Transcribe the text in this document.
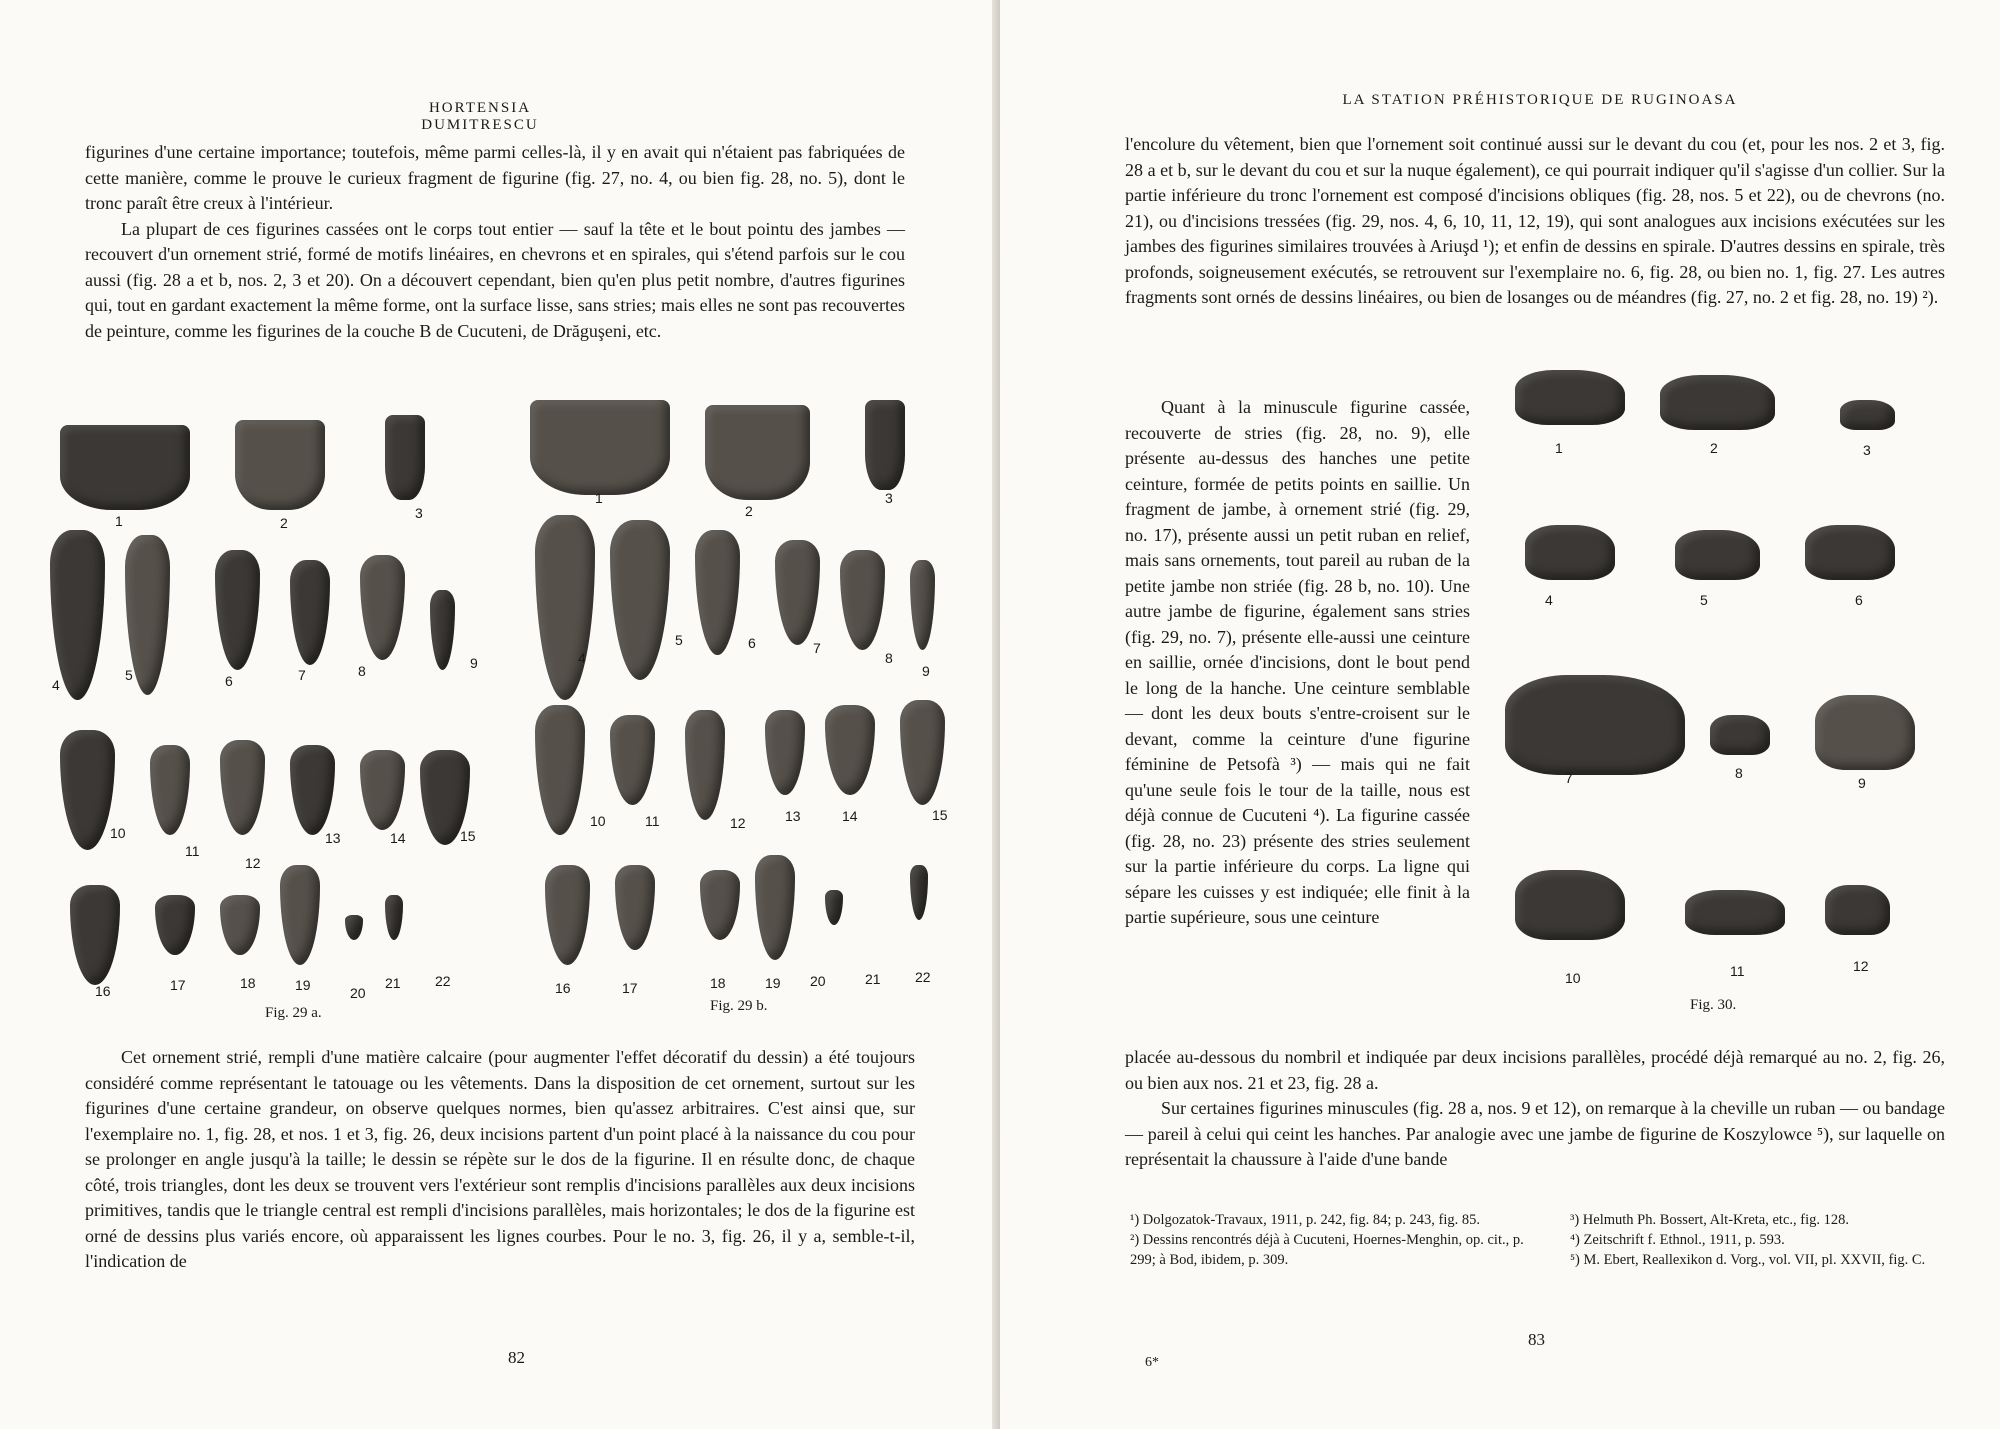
HORTENSIA DUMITRESCU

figurines d'une certaine importance; toutefois, même parmi celles-là, il y en avait qui n'étaient pas fabriquées de cette manière, comme le prouve le curieux fragment de figurine (fig. 27, no. 4, ou bien fig. 28, no. 5), dont le tronc paraît être creux à l'intérieur.

La plupart de ces figurines cassées ont le corps tout entier — sauf la tête et le bout pointu des jambes — recouvert d'un ornement strié, formé de motifs linéaires, en chevrons et en spirales, qui s'étend parfois sur le cou aussi (fig. 28 a et b, nos. 2, 3 et 20). On a découvert cependant, bien qu'en plus petit nombre, d'autres figurines qui, tout en gardant exactement la même forme, ont la surface lisse, sans stries; mais elles ne sont pas recouvertes de peinture, comme les figurines de la couche B de Cucuteni, de Drăguşeni, etc.

1	2
3
4
5	6	7	8	9
10
11
12
13	14	15
16	17	18	19	20
21 22
Fig. 29 a.
1
2
3
4
5	6	7
8
9
10	11	12	13	14	15
16	17	18	19 20	21 22
Fig. 29 b.

Cet ornement strié, rempli d'une matière calcaire (pour augmenter l'effet décoratif du dessin) a été toujours considéré comme représentant le tatouage ou les vêtements. Dans la disposition de cet ornement, surtout sur les figurines d'une certaine grandeur, on observe quelques normes, bien qu'assez arbitraires. C'est ainsi que, sur l'exemplaire no. 1, fig. 28, et nos. 1 et 3, fig. 26, deux incisions partent d'un point placé à la naissance du cou pour se prolonger en angle jusqu'à la taille; le dessin se répète sur le dos de la figurine. Il en résulte donc, de chaque côté, trois triangles, dont les deux se trouvent vers l'extérieur sont remplis d'incisions parallèles aux deux incisions primitives, tandis que le triangle central est rempli d'incisions parallèles, mais horizontales; le dos de la figurine est orné de dessins plus variés encore, où apparaissent les lignes courbes. Pour le no. 3, fig. 26, il y a, semble-t-il, l'indication de

82
LA STATION PRÉHISTORIQUE DE RUGINOASA

l'encolure du vêtement, bien que l'ornement soit continué aussi sur le devant du cou (et, pour les nos. 2 et 3, fig. 28 a et b, sur le devant du cou et sur la nuque également), ce qui pourrait indiquer qu'il s'agisse d'un collier. Sur la partie inférieure du tronc l'ornement est composé d'incisions obliques (fig. 28, nos. 5 et 22), ou de chevrons (no. 21), ou d'incisions tressées (fig. 29, nos. 4, 6, 10, 11, 12, 19), qui sont analogues aux incisions exécutées sur les jambes des figurines similaires trouvées à Ariuşd ¹); et enfin de dessins en spirale. D'autres dessins en spirale, très profonds, soigneusement exécutés, se retrouvent sur l'exemplaire no. 6, fig. 28, ou bien no. 1, fig. 27. Les autres fragments sont ornés de dessins linéaires, ou bien de losanges ou de méandres (fig. 27, no. 2 et fig. 28, no. 19) ²).

Quant à la minuscule figurine cassée, recouverte de stries (fig. 28, no. 9), elle présente au-dessus des hanches une petite ceinture, formée de petits points en saillie. Un fragment de jambe, à ornement strié (fig. 29, no. 17), présente aussi un petit ruban en relief, mais sans ornements, tout pareil au ruban de la petite jambe non striée (fig. 28 b, no. 10). Une autre jambe de figurine, également sans stries (fig. 29, no. 7), présente elle-aussi une ceinture en saillie, ornée d'incisions, dont le bout pend le long de la hanche. Une ceinture semblable — dont les deux bouts s'entre-croisent sur le devant, comme la ceinture d'une figurine féminine de Petsofà ³) — mais qui ne fait qu'une seule fois le tour de la taille, nous est déjà connue de Cucuteni ⁴). La figurine cassée (fig. 28, no. 23) présente des stries seulement sur la partie inférieure du corps. La ligne qui sépare les cuisses y est indiquée; elle finit à la partie supérieure, sous une ceinture

1	2	3
4	5	6
7	8
9
10	11	12
Fig. 30.

placée au-dessous du nombril et indiquée par deux incisions parallèles, procédé déjà remarqué au no. 2, fig. 26, ou bien aux nos. 21 et 23, fig. 28 a.

Sur certaines figurines minuscules (fig. 28 a, nos. 9 et 12), on remarque à la cheville un ruban — ou bandage — pareil à celui qui ceint les hanches. Par analogie avec une jambe de figurine de Koszylowce ⁵), sur laquelle on représentait la chaussure à l'aide d'une bande

¹) Dolgozatok-Travaux, 1911, p. 242, fig. 84; p. 243, fig. 85.

²) Dessins rencontrés déjà à Cucuteni, Hoernes-Menghin, op. cit., p. 299; à Bod, ibidem, p. 309.

³) Helmuth Ph. Bossert, Alt-Kreta, etc., fig. 128.

⁴) Zeitschrift f. Ethnol., 1911, p. 593.

⁵) M. Ebert, Reallexikon d. Vorg., vol. VII, pl. XXVII, fig. C.

83
6*
